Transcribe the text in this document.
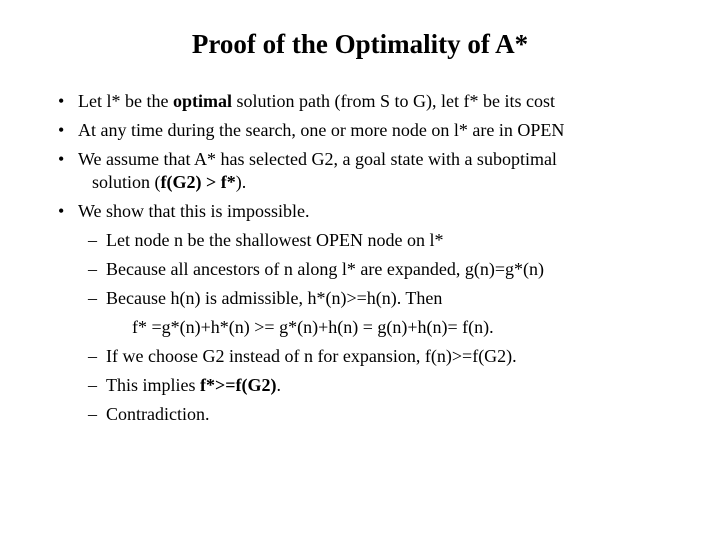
Proof of the Optimality of A*
• Let l* be the optimal solution path (from S to G), let f* be its cost
• At any time during the search, one or more node on l* are in OPEN
• We assume that A* has selected G2, a goal state with a suboptimal
solution (f(G2) > f*).
• We show that this is impossible.
– Let node n be the shallowest OPEN node on l*
– Because all ancestors of n along l* are expanded, g(n)=g*(n)
– Because h(n) is admissible, h*(n)>=h(n). Then
f* =g*(n)+h*(n) >= g*(n)+h(n) = g(n)+h(n)= f(n).
– If we choose G2 instead of n for expansion, f(n)>=f(G2).
– This implies f*>=f(G2).
– Contradiction.
